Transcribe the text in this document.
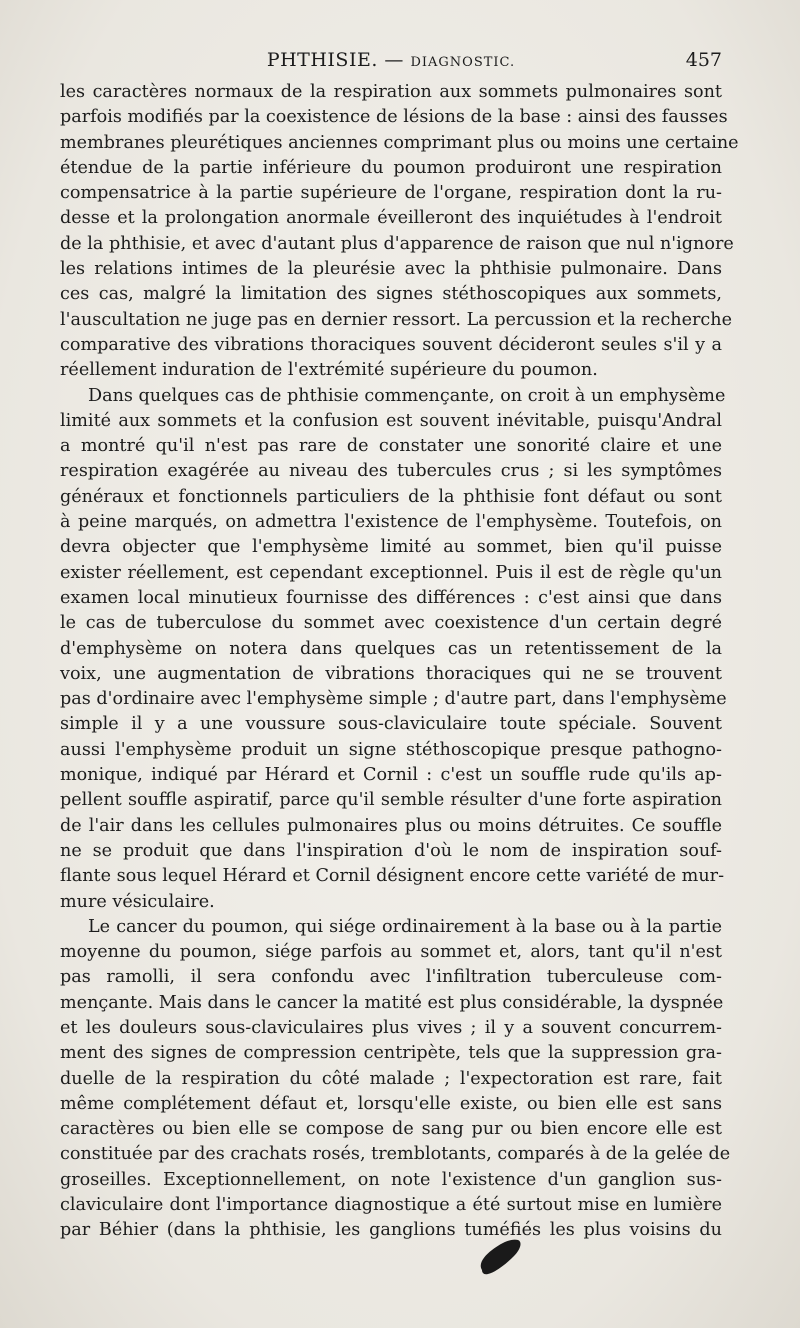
PHTHISIE. — DIAGNOSTIC.	457
les caractères normaux de la respiration aux sommets pulmonaires sont
parfois modifiés par la coexistence de lésions de la base : ainsi des fausses
membranes pleurétiques anciennes comprimant plus ou moins une certaine
étendue de la partie inférieure du poumon produiront une respiration
compensatrice à la partie supérieure de l'organe, respiration dont la ru-
desse et la prolongation anormale éveilleront des inquiétudes à l'endroit
de la phthisie, et avec d'autant plus d'apparence de raison que nul n'ignore
les relations intimes de la pleurésie avec la phthisie pulmonaire. Dans
ces cas, malgré la limitation des signes stéthoscopiques aux sommets,
l'auscultation ne juge pas en dernier ressort. La percussion et la recherche
comparative des vibrations thoraciques souvent décideront seules s'il y a
réellement induration de l'extrémité supérieure du poumon.
Dans quelques cas de phthisie commençante, on croit à un emphysème
limité aux sommets et la confusion est souvent inévitable, puisqu'Andral
a montré qu'il n'est pas rare de constater une sonorité claire et une
respiration exagérée au niveau des tubercules crus ; si les symptômes
généraux et fonctionnels particuliers de la phthisie font défaut ou sont
à peine marqués, on admettra l'existence de l'emphysème. Toutefois, on
devra objecter que l'emphysème limité au sommet, bien qu'il puisse
exister réellement, est cependant exceptionnel. Puis il est de règle qu'un
examen local minutieux fournisse des différences : c'est ainsi que dans
le cas de tuberculose du sommet avec coexistence d'un certain degré
d'emphysème on notera dans quelques cas un retentissement de la
voix, une augmentation de vibrations thoraciques qui ne se trouvent
pas d'ordinaire avec l'emphysème simple ; d'autre part, dans l'emphysème
simple il y a une voussure sous-claviculaire toute spéciale. Souvent
aussi l'emphysème produit un signe stéthoscopique presque pathogno-
monique, indiqué par Hérard et Cornil : c'est un souffle rude qu'ils ap-
pellent souffle aspiratif, parce qu'il semble résulter d'une forte aspiration
de l'air dans les cellules pulmonaires plus ou moins détruites. Ce souffle
ne se produit que dans l'inspiration d'où le nom de inspiration souf-
flante sous lequel Hérard et Cornil désignent encore cette variété de mur-
mure vésiculaire.
Le cancer du poumon, qui siége ordinairement à la base ou à la partie
moyenne du poumon, siége parfois au sommet et, alors, tant qu'il n'est
pas ramolli, il sera confondu avec l'infiltration tuberculeuse com-
mençante. Mais dans le cancer la matité est plus considérable, la dyspnée
et les douleurs sous-claviculaires plus vives ; il y a souvent concurrem-
ment des signes de compression centripète, tels que la suppression gra-
duelle de la respiration du côté malade ; l'expectoration est rare, fait
même complétement défaut et, lorsqu'elle existe, ou bien elle est sans
caractères ou bien elle se compose de sang pur ou bien encore elle est
constituée par des crachats rosés, tremblotants, comparés à de la gelée de
groseilles. Exceptionnellement, on note l'existence d'un ganglion sus-
claviculaire dont l'importance diagnostique a été surtout mise en lumière
par Béhier (dans la phthisie, les ganglions tuméfiés les plus voisins du
